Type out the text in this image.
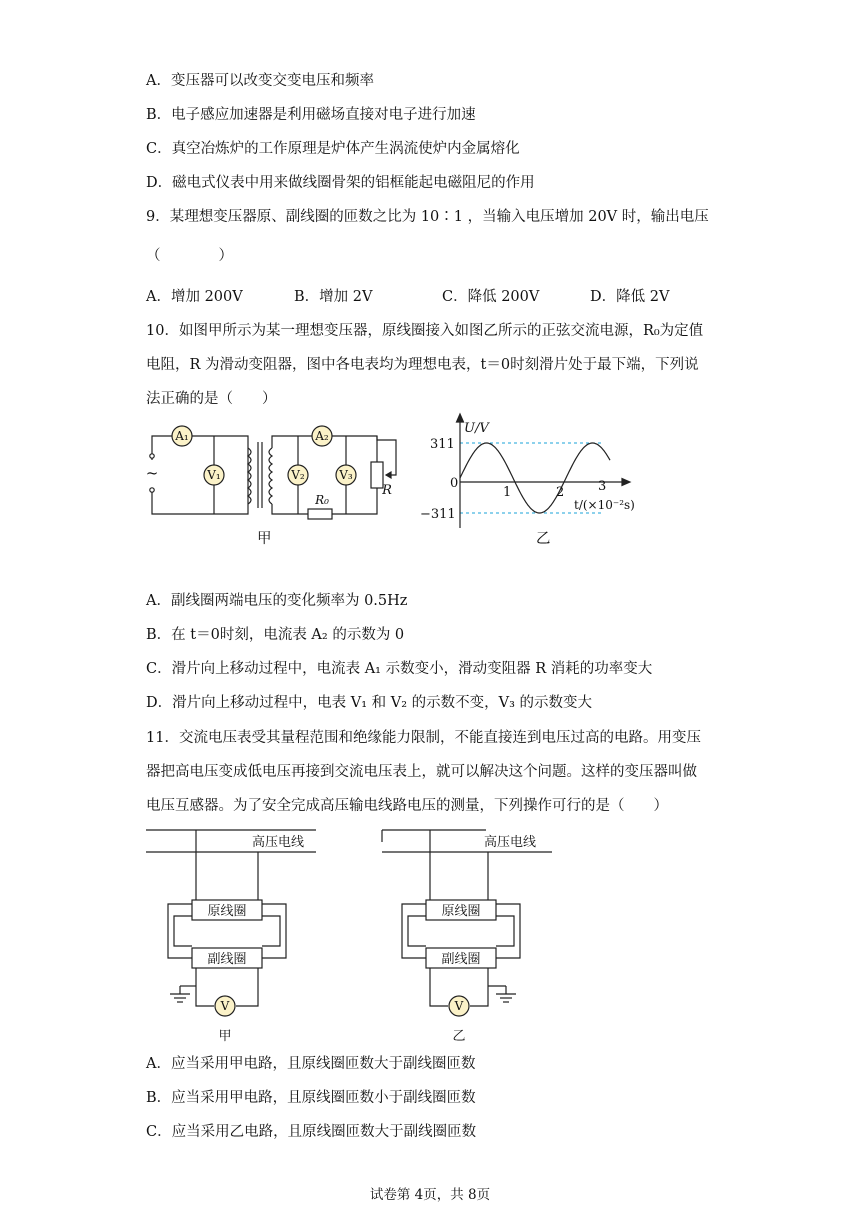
A．变压器可以改变交变电压和频率
B．电子感应加速器是利用磁场直接对电子进行加速
C．真空冶炼炉的工作原理是炉体产生涡流使炉内金属熔化
D．磁电式仪表中用来做线圈骨架的铝框能起电磁阻尼的作用
9．某理想变压器原、副线圈的匝数之比为 10∶1 ，当输入电压增加 20V 时，输出电压
（　　　　）
A．增加 200V	B．增加 2V	C．降低 200V	D．降低 2V
10．如图甲所示为某一理想变压器，原线圈接入如图乙所示的正弦交流电源，R₀为定值
电阻，R 为滑动变阻器，图中各电表均为理想电表，t＝0时刻滑片处于最下端，下列说
法正确的是（　　）
~
A₁
V₁
A₂
V₂	V₃
R₀
R
甲
U/V
311
0
−311
1	2	3
t/(×10⁻²s)
乙
A．副线圈两端电压的变化频率为 0.5Hz
B．在 t＝0时刻，电流表 A₂ 的示数为 0
C．滑片向上移动过程中，电流表 A₁ 示数变小，滑动变阻器 R 消耗的功率变大
D．滑片向上移动过程中，电表 V₁ 和 V₂ 的示数不变，V₃ 的示数变大
11．交流电压表受其量程范围和绝缘能力限制，不能直接连到电压过高的电路。用变压
器把高电压变成低电压再接到交流电压表上，就可以解决这个问题。这样的变压器叫做
电压互感器。为了安全完成高压输电线路电压的测量，下列操作可行的是（　　）
高压电线
原线圈
副线圈
V
甲
高压电线
原线圈
副线圈
V
乙
A．应当采用甲电路，且原线圈匝数大于副线圈匝数
B．应当采用甲电路，且原线圈匝数小于副线圈匝数
C．应当采用乙电路，且原线圈匝数大于副线圈匝数
试卷第 4页，共 8页
